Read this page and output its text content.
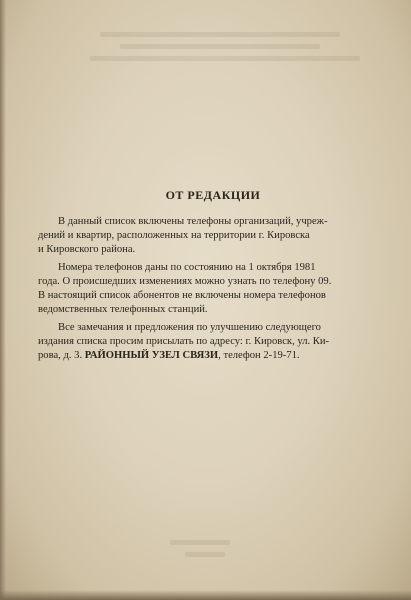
ОТ РЕДАКЦИИ
В данный список включены телефоны организаций, учреж-
дений и квартир, расположенных на территории г. Кировска
и Кировского района.
Номера телефонов даны по состоянию на 1 октября 1981
года. О происшедших изменениях можно узнать по телефону 09.
В настоящий список абонентов не включены номера телефонов
ведомственных телефонных станций.
Все замечания и предложения по улучшению следующего
издания списка просим присылать по адресу: г. Кировск, ул. Ки-
рова, д. 3. РАЙОННЫЙ УЗЕЛ СВЯЗИ, телефон 2-19-71.
